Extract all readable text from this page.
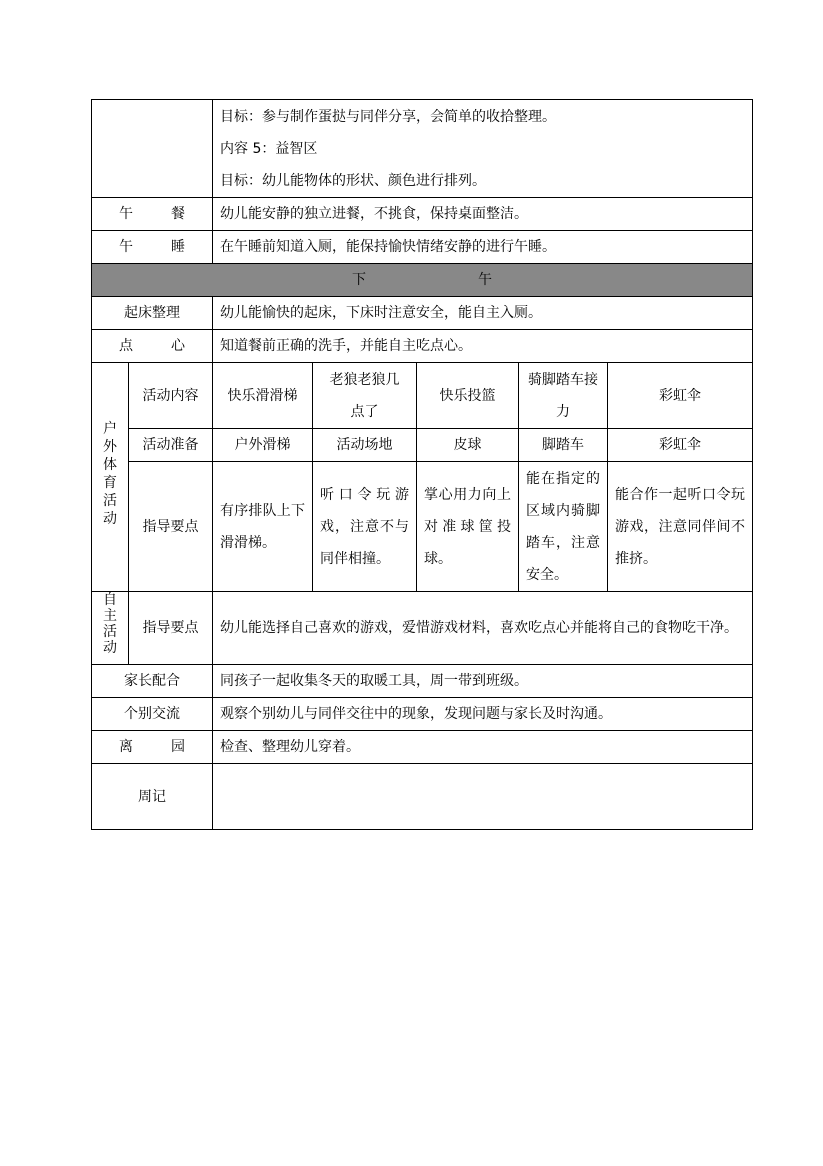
		目标：参与制作蛋挞与同伴分享，会简单的收拾整理。
内容 5：益智区
目标：幼儿能物体的形状、颜色进行排列。				

午 餐		幼儿能安静的独立进餐，不挑食，保持桌面整洁。				
午 睡		在午睡前知道入厕，能保持愉快情绪安静的进行午睡。				
下 午						
起床整理		幼儿能愉快的起床，下床时注意安全，能自主入厕。				
点 心		知道餐前正确的洗手，并能自主吃点心。				
户外体育活动	活动内容	快乐滑滑梯	老狼老狼几点了	快乐投篮	骑脚踏车接力	彩虹伞
	活动准备	户外滑梯	活动场地	皮球	脚踏车	彩虹伞
	指导要点	有序排队上下滑滑梯。	听口令玩游戏，注意不与同伴相撞。	掌心用力向上对准球筐投球。	能在指定的区域内骑脚踏车，注意安全。	能合作一起听口令玩游戏，注意同伴间不推挤。
自主活动	指导要点	幼儿能选择自己喜欢的游戏，爱惜游戏材料，喜欢吃点心并能将自己的食物吃干净。				
家长配合		同孩子一起收集冬天的取暖工具，周一带到班级。				
个别交流		观察个别幼儿与同伴交往中的现象，发现问题与家长及时沟通。				
离 园		检查、整理幼儿穿着。				
周记						
